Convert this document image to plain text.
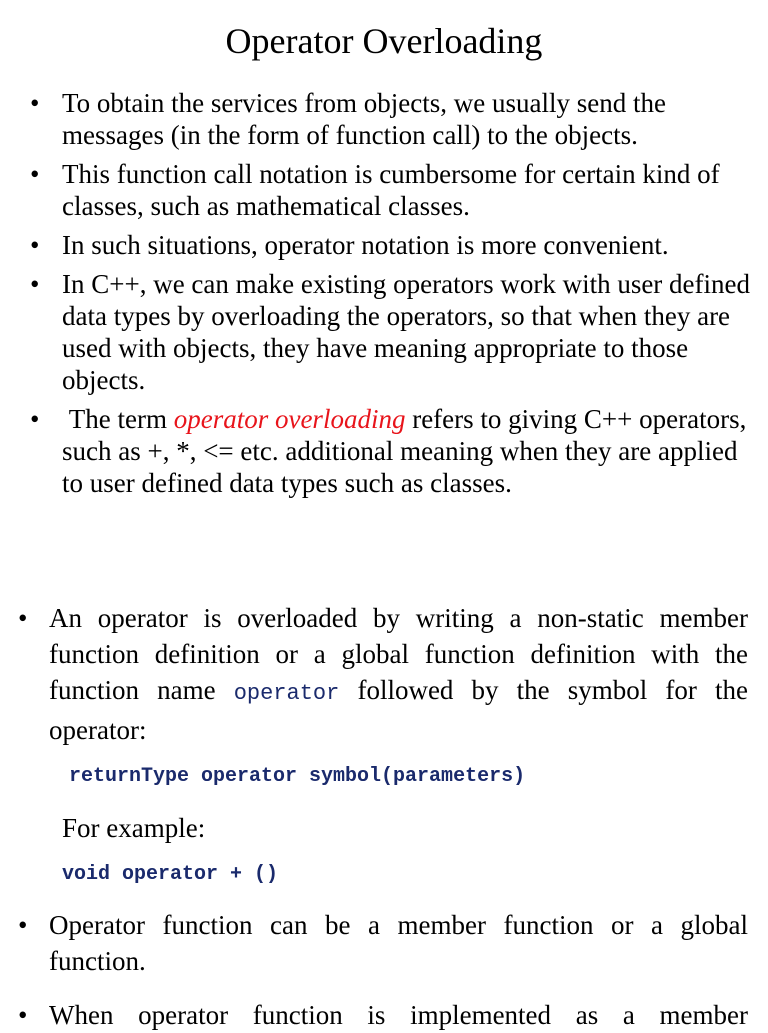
Operator Overloading
• To obtain the services from objects, we usually send the messages (in the form of function call) to the objects.
• This function call notation is cumbersome for certain kind of classes, such as mathematical classes.
• In such situations, operator notation is more convenient.
• In C++, we can make existing operators work with user defined data types by overloading the operators, so that when they are used with objects, they have meaning appropriate to those objects.
• The term operator overloading refers to giving C++ operators, such as +, *, <= etc. additional meaning when they are applied to user defined data types such as classes.
• An operator is overloaded by writing a non-static member function definition or a global function definition with the function name operator followed by the symbol for the operator:
returnType operator symbol(parameters)
For example:
void operator + ()
• Operator function can be a member function or a global function.
• When operator function is implemented as a member
